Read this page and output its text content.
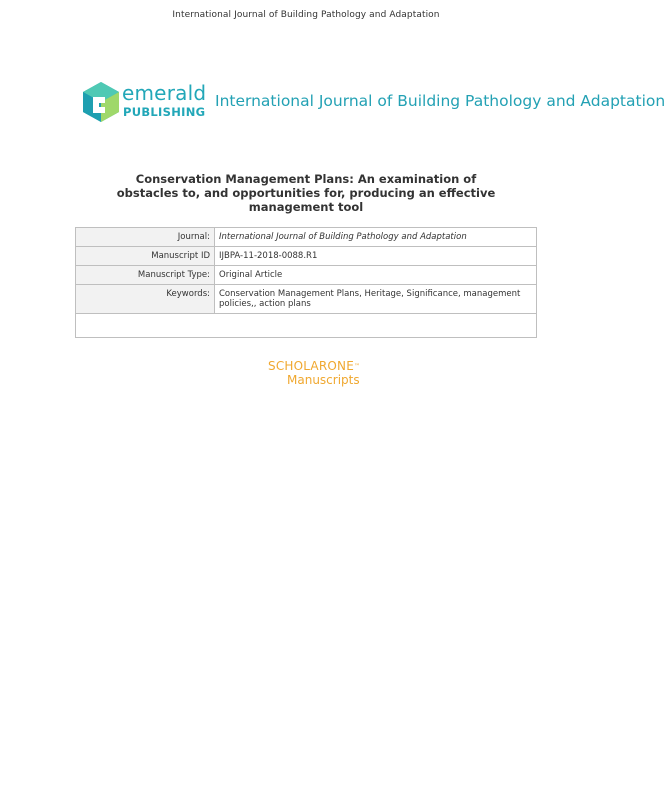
International Journal of Building Pathology and Adaptation
emerald
PUBLISHING
International Journal of Building Pathology and Adaptation
Conservation Management Plans: An examination of obstacles to, and opportunities for, producing an effective management tool
Journal:	International Journal of Building Pathology and Adaptation
Manuscript ID	IJBPA-11-2018-0088.R1
Manuscript Type:	Original Article
Keywords:	Conservation Management Plans, Heritage, Significance, management policies,, action plans

SCHOLARONE™
Manuscripts
